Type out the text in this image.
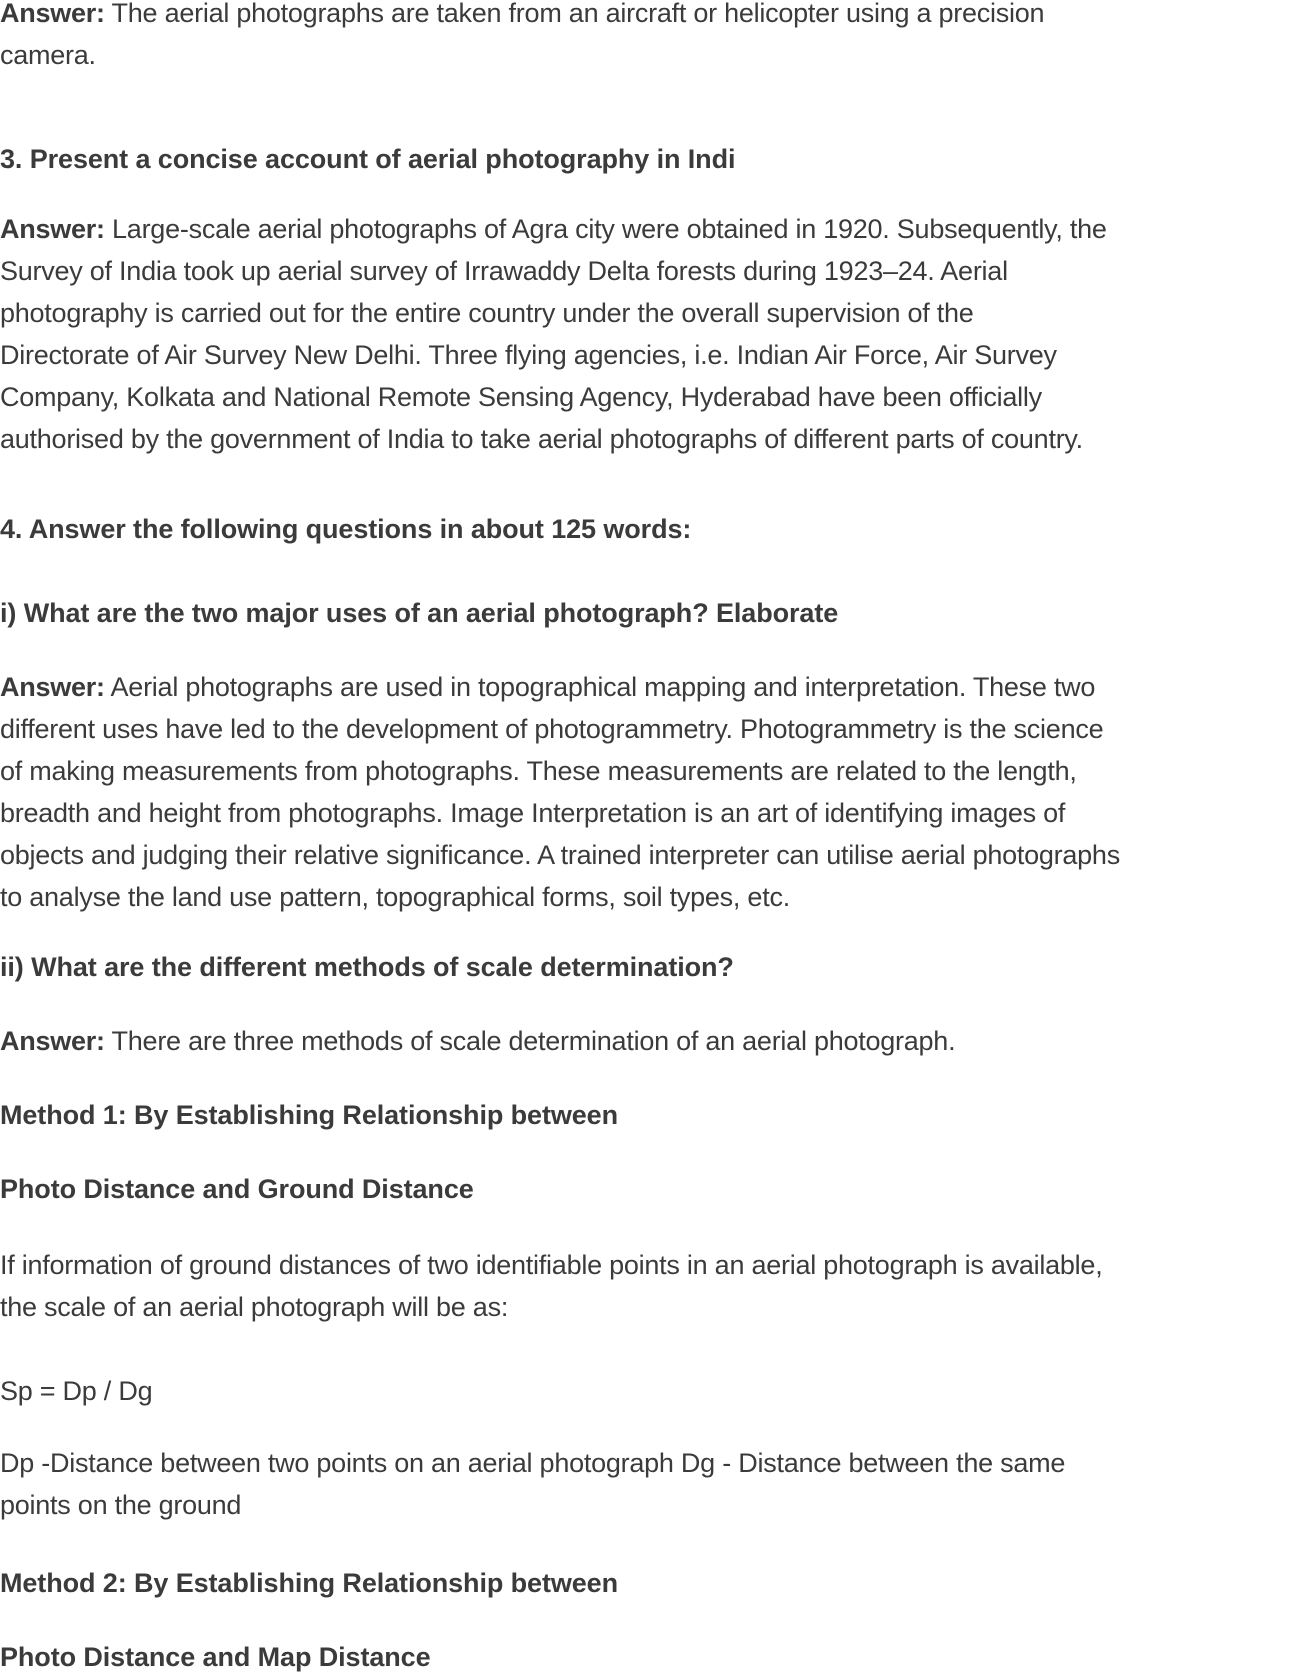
Answer: The aerial photographs are taken from an aircraft or helicopter using a precision
camera.

3. Present a concise account of aerial photography in Indi

Answer: Large-scale aerial photographs of Agra city were obtained in 1920. Subsequently, the
Survey of India took up aerial survey of Irrawaddy Delta forests during 1923–24. Aerial
photography is carried out for the entire country under the overall supervision of the
Directorate of Air Survey New Delhi. Three flying agencies, i.e. Indian Air Force, Air Survey
Company, Kolkata and National Remote Sensing Agency, Hyderabad have been officially
authorised by the government of India to take aerial photographs of different parts of country.

4. Answer the following questions in about 125 words:

i) What are the two major uses of an aerial photograph? Elaborate

Answer: Aerial photographs are used in topographical mapping and interpretation. These two
different uses have led to the development of photogrammetry. Photogrammetry is the science
of making measurements from photographs. These measurements are related to the length,
breadth and height from photographs. Image Interpretation is an art of identifying images of
objects and judging their relative significance. A trained interpreter can utilise aerial photographs
to analyse the land use pattern, topographical forms, soil types, etc.

ii) What are the different methods of scale determination?

Answer: There are three methods of scale determination of an aerial photograph.

Method 1: By Establishing Relationship between

Photo Distance and Ground Distance

If information of ground distances of two identifiable points in an aerial photograph is available,
the scale of an aerial photograph will be as:

Sp = Dp / Dg

Dp -Distance between two points on an aerial photograph Dg - Distance between the same
points on the ground

Method 2: By Establishing Relationship between

Photo Distance and Map Distance
